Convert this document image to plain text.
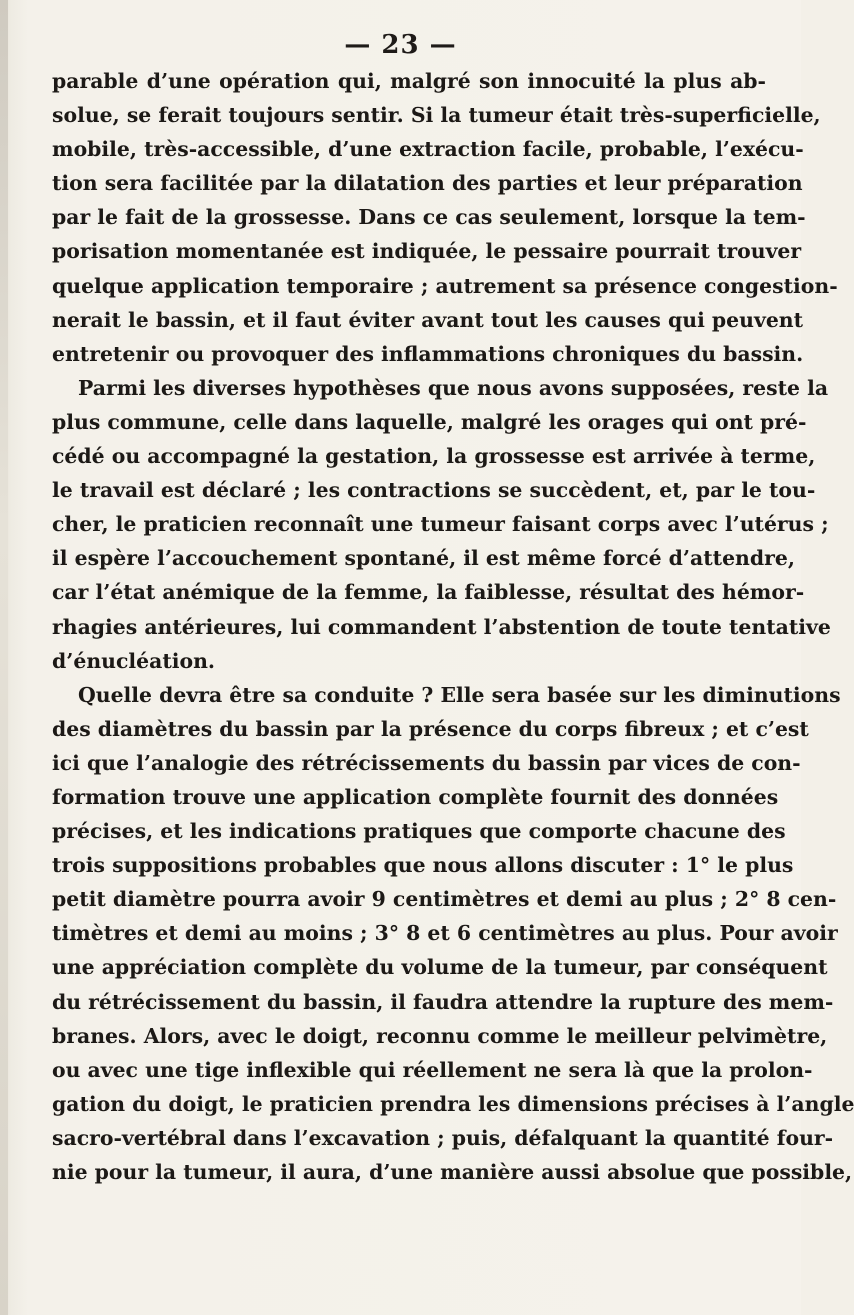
— 23 —
parable d’une opération qui, malgré son innocuité la plus ab-
solue, se ferait toujours sentir. Si la tumeur était très-superficielle,
mobile, très-accessible, d’une extraction facile, probable, l’exécu-
tion sera facilitée par la dilatation des parties et leur préparation
par le fait de la grossesse. Dans ce cas seulement, lorsque la tem-
porisation momentanée est indiquée, le pessaire pourrait trouver
quelque application temporaire ; autrement sa présence congestion-
nerait le bassin, et il faut éviter avant tout les causes qui peuvent
entretenir ou provoquer des inflammations chroniques du bassin.
Parmi les diverses hypothèses que nous avons supposées, reste la
plus commune, celle dans laquelle, malgré les orages qui ont pré-
cédé ou accompagné la gestation, la grossesse est arrivée à terme,
le travail est déclaré ; les contractions se succèdent, et, par le tou-
cher, le praticien reconnaît une tumeur faisant corps avec l’utérus ;
il espère l’accouchement spontané, il est même forcé d’attendre,
car l’état anémique de la femme, la faiblesse, résultat des hémor-
rhagies antérieures, lui commandent l’abstention de toute tentative
d’énucléation.
Quelle devra être sa conduite ? Elle sera basée sur les diminutions
des diamètres du bassin par la présence du corps fibreux ; et c’est
ici que l’analogie des rétrécissements du bassin par vices de con-
formation trouve une application complète fournit des données
précises, et les indications pratiques que comporte chacune des
trois suppositions probables que nous allons discuter : 1° le plus
petit diamètre pourra avoir 9 centimètres et demi au plus ; 2° 8 cen-
timètres et demi au moins ; 3° 8 et 6 centimètres au plus. Pour avoir
une appréciation complète du volume de la tumeur, par conséquent
du rétrécissement du bassin, il faudra attendre la rupture des mem-
branes. Alors, avec le doigt, reconnu comme le meilleur pelvimètre,
ou avec une tige inflexible qui réellement ne sera là que la prolon-
gation du doigt, le praticien prendra les dimensions précises à l’angle
sacro-vertébral dans l’excavation ; puis, défalquant la quantité four-
nie pour la tumeur, il aura, d’une manière aussi absolue que possible,
